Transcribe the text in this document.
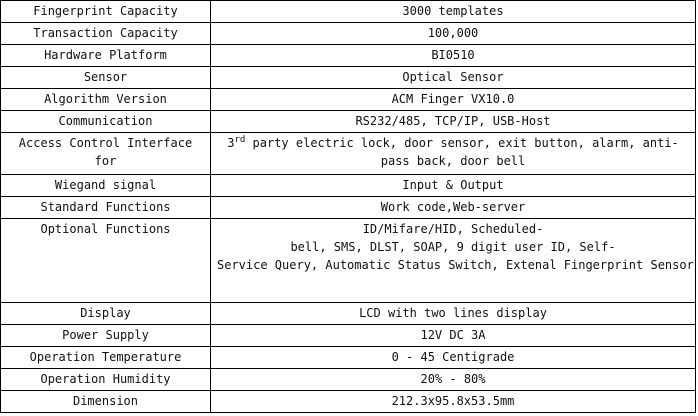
Fingerprint Capacity	3000 templates
Transaction Capacity	100,000
Hardware Platform	BI0510
Sensor	Optical Sensor
Algorithm Version	ACM Finger VX10.0
Communication	RS232/485, TCP/IP, USB-Host
Access Control Interface for	3rd party electric lock, door sensor, exit button, alarm, anti-
pass back, door bell

Wiegand signal	Input & Output
Standard Functions	Work code,Web-server
Optional Functions	ID/Mifare/HID, Scheduled-
bell, SMS, DLST, SOAP, 9 digit user ID, Self-
Service Query, Automatic Status Switch, Extenal Fingerprint Sensor

Display	LCD with two lines display
Power Supply	12V DC 3A
Operation Temperature	0 - 45 Centigrade
Operation Humidity	20% - 80%
Dimension	212.3x95.8x53.5mm
